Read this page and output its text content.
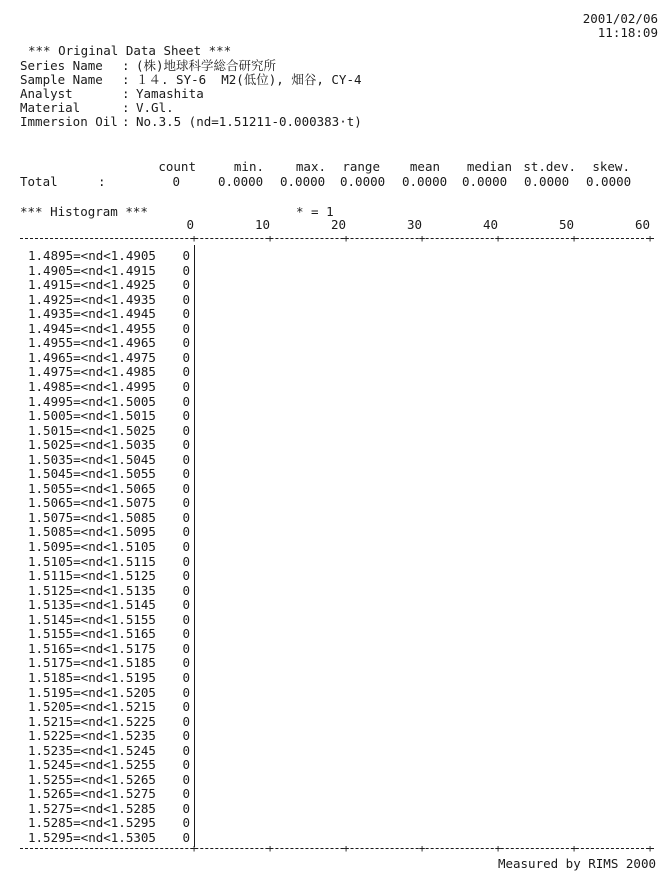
2001/02/06
11:18:09
*** Original Data Sheet ***
Series Name : (株)地球科学総合研究所
Sample Name : １４. SY-6  M2(低位), 畑谷, CY-4
Analyst	: Yamashita
Material	: V.Gl.
Immersion Oil : No.3.5 (nd=1.51211-0.000383·t)
count	min.	max.	range	mean	median st.dev.	skew.
Total	:	0	0.0000 0.0000 0.0000 0.0000 0.0000 0.0000 0.0000
*** Histogram ***	* = 1
0	10	20	30	40	50	60
+	+	+	+	+	+	+
1.4895=<nd<1.4905	0
1.4905=<nd<1.4915	0
1.4915=<nd<1.4925	0
1.4925=<nd<1.4935	0
1.4935=<nd<1.4945	0
1.4945=<nd<1.4955	0
1.4955=<nd<1.4965	0
1.4965=<nd<1.4975	0
1.4975=<nd<1.4985	0
1.4985=<nd<1.4995	0
1.4995=<nd<1.5005	0
1.5005=<nd<1.5015	0
1.5015=<nd<1.5025	0
1.5025=<nd<1.5035	0
1.5035=<nd<1.5045	0
1.5045=<nd<1.5055	0
1.5055=<nd<1.5065	0
1.5065=<nd<1.5075	0
1.5075=<nd<1.5085	0
1.5085=<nd<1.5095	0
1.5095=<nd<1.5105	0
1.5105=<nd<1.5115	0
1.5115=<nd<1.5125	0
1.5125=<nd<1.5135	0
1.5135=<nd<1.5145	0
1.5145=<nd<1.5155	0
1.5155=<nd<1.5165	0
1.5165=<nd<1.5175	0
1.5175=<nd<1.5185	0
1.5185=<nd<1.5195	0
1.5195=<nd<1.5205	0
1.5205=<nd<1.5215	0
1.5215=<nd<1.5225	0
1.5225=<nd<1.5235	0
1.5235=<nd<1.5245	0
1.5245=<nd<1.5255	0
1.5255=<nd<1.5265	0
1.5265=<nd<1.5275	0
1.5275=<nd<1.5285	0
1.5285=<nd<1.5295	0
1.5295=<nd<1.5305	0
+	+	+	+	+	+	+
Measured by RIMS 2000
